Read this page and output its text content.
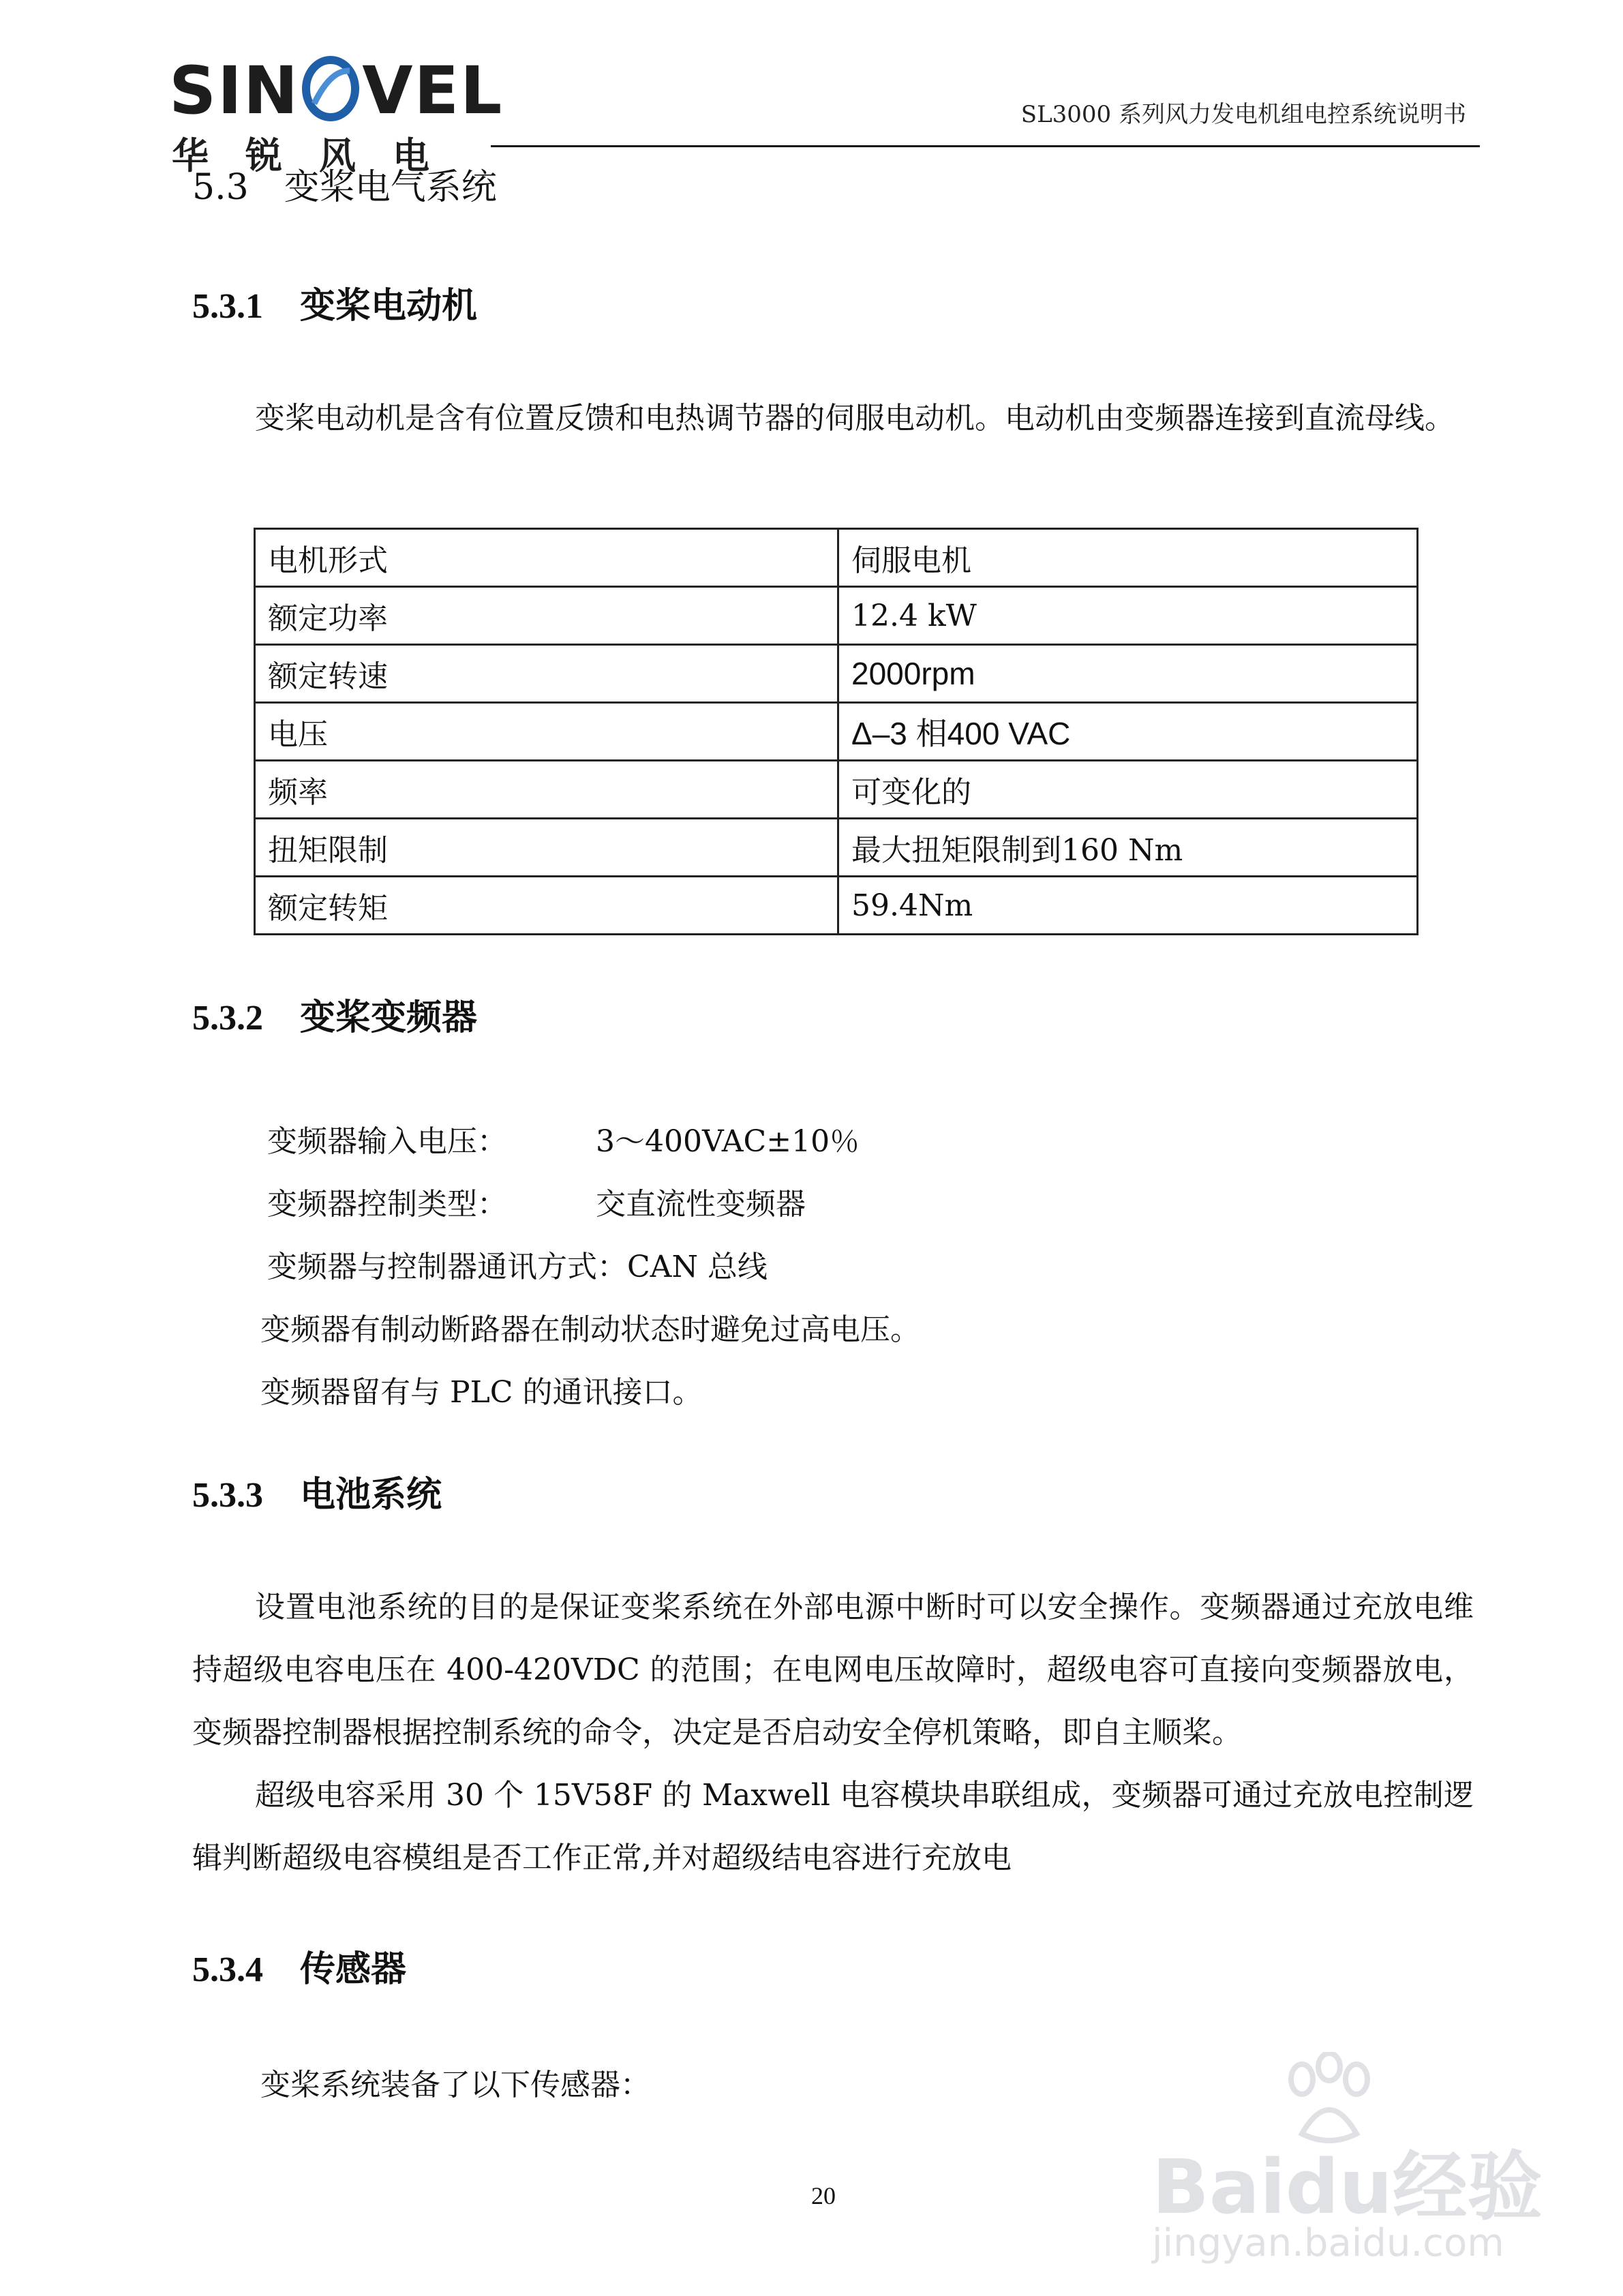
SIN VEL
华锐风电
SL3000 系列风力发电机组电控系统说明书
5.3 变桨电气系统
5.3.1 变桨电动机
变桨电动机是含有位置反馈和电热调节器的伺服电动机。电动机由变频器连接到直流母线。
电机形式	伺服电机
额定功率	12.4 kW
额定转速	2000rpm
电压	Δ–3 相400 VAC
频率	可变化的
扭矩限制	最大扭矩限制到160 Nm
额定转矩	59.4Nm
5.3.2 变桨变频器
变频器输入电压：	3～400VAC±10％
变频器控制类型：	交直流性变频器
变频器与控制器通讯方式：CAN 总线
变频器有制动断路器在制动状态时避免过高电压。
变频器留有与 PLC 的通讯接口。
5.3.3 电池系统
设置电池系统的目的是保证变桨系统在外部电源中断时可以安全操作。变频器通过充放电维持超级电容电压在 400-420VDC 的范围；在电网电压故障时，超级电容可直接向变频器放电，变频器控制器根据控制系统的命令，决定是否启动安全停机策略，即自主顺桨。
超级电容采用 30 个 15V58F 的 Maxwell 电容模块串联组成，变频器可通过充放电控制逻辑判断超级电容模组是否工作正常,并对超级结电容进行充放电
5.3.4 传感器
变桨系统装备了以下传感器：
20	Baidu经验
jingyan.baidu.com
